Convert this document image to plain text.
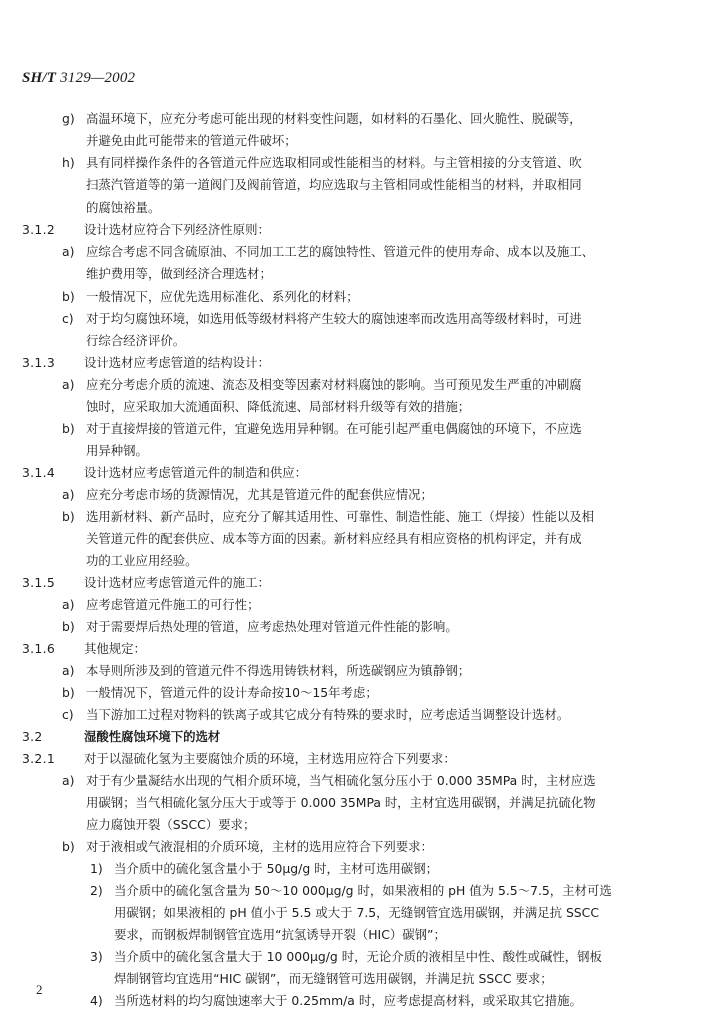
SH/T 3129—2002
g) 高温环境下，应充分考虑可能出现的材料变性问题，如材料的石墨化、回火脆性、脱碳等，
并避免由此可能带来的管道元件破坏；
h) 具有同样操作条件的各管道元件应选取相同或性能相当的材料。与主管相接的分支管道、吹
扫蒸汽管道等的第一道阀门及阀前管道，均应选取与主管相同或性能相当的材料，并取相同
的腐蚀裕量。
3.1.2	设计选材应符合下列经济性原则：
a) 应综合考虑不同含硫原油、不同加工工艺的腐蚀特性、管道元件的使用寿命、成本以及施工、
维护费用等，做到经济合理选材；
b) 一般情况下，应优先选用标准化、系列化的材料；
c) 对于均匀腐蚀环境，如选用低等级材料将产生较大的腐蚀速率而改选用高等级材料时，可进
行综合经济评价。
3.1.3	设计选材应考虑管道的结构设计：
a) 应充分考虑介质的流速、流态及相变等因素对材料腐蚀的影响。当可预见发生严重的冲刷腐
蚀时，应采取加大流通面积、降低流速、局部材料升级等有效的措施；
b) 对于直接焊接的管道元件，宜避免选用异种钢。在可能引起严重电偶腐蚀的环境下，不应选
用异种钢。
3.1.4	设计选材应考虑管道元件的制造和供应：
a) 应充分考虑市场的货源情况，尤其是管道元件的配套供应情况；
b) 选用新材料、新产品时，应充分了解其适用性、可靠性、制造性能、施工（焊接）性能以及相
关管道元件的配套供应、成本等方面的因素。新材料应经具有相应资格的机构评定，并有成
功的工业应用经验。
3.1.5	设计选材应考虑管道元件的施工：
a) 应考虑管道元件施工的可行性；
b) 对于需要焊后热处理的管道，应考虑热处理对管道元件性能的影响。
3.1.6	其他规定：
a) 本导则所涉及到的管道元件不得选用铸铁材料，所选碳钢应为镇静钢；
b) 一般情况下，管道元件的设计寿命按10～15年考虑；
c) 当下游加工过程对物料的铁离子或其它成分有特殊的要求时，应考虑适当调整设计选材。
3.2	湿酸性腐蚀环境下的选材
3.2.1	对于以湿硫化氢为主要腐蚀介质的环境，主材选用应符合下列要求：
a) 对于有少量凝结水出现的气相介质环境，当气相硫化氢分压小于 0.000 35MPa 时，主材应选
用碳钢；当气相硫化氢分压大于或等于 0.000 35MPa 时，主材宜选用碳钢，并满足抗硫化物
应力腐蚀开裂（SSCC）要求；
b) 对于液相或气液混相的介质环境，主材的选用应符合下列要求：
1) 当介质中的硫化氢含量小于 50μg/g 时，主材可选用碳钢；
2) 当介质中的硫化氢含量为 50～10 000μg/g 时，如果液相的 pH 值为 5.5～7.5，主材可选
用碳钢；如果液相的 pH 值小于 5.5 或大于 7.5，无缝钢管宜选用碳钢，并满足抗 SSCC
要求，而钢板焊制钢管宜选用“抗氢诱导开裂（HIC）碳钢”；
3) 当介质中的硫化氢含量大于 10 000μg/g 时，无论介质的液相呈中性、酸性或碱性，钢板
焊制钢管均宜选用“HIC 碳钢”，而无缝钢管可选用碳钢，并满足抗 SSCC 要求；
4) 当所选材料的均匀腐蚀速率大于 0.25mm/a 时，应考虑提高材料，或采取其它措施。
2
